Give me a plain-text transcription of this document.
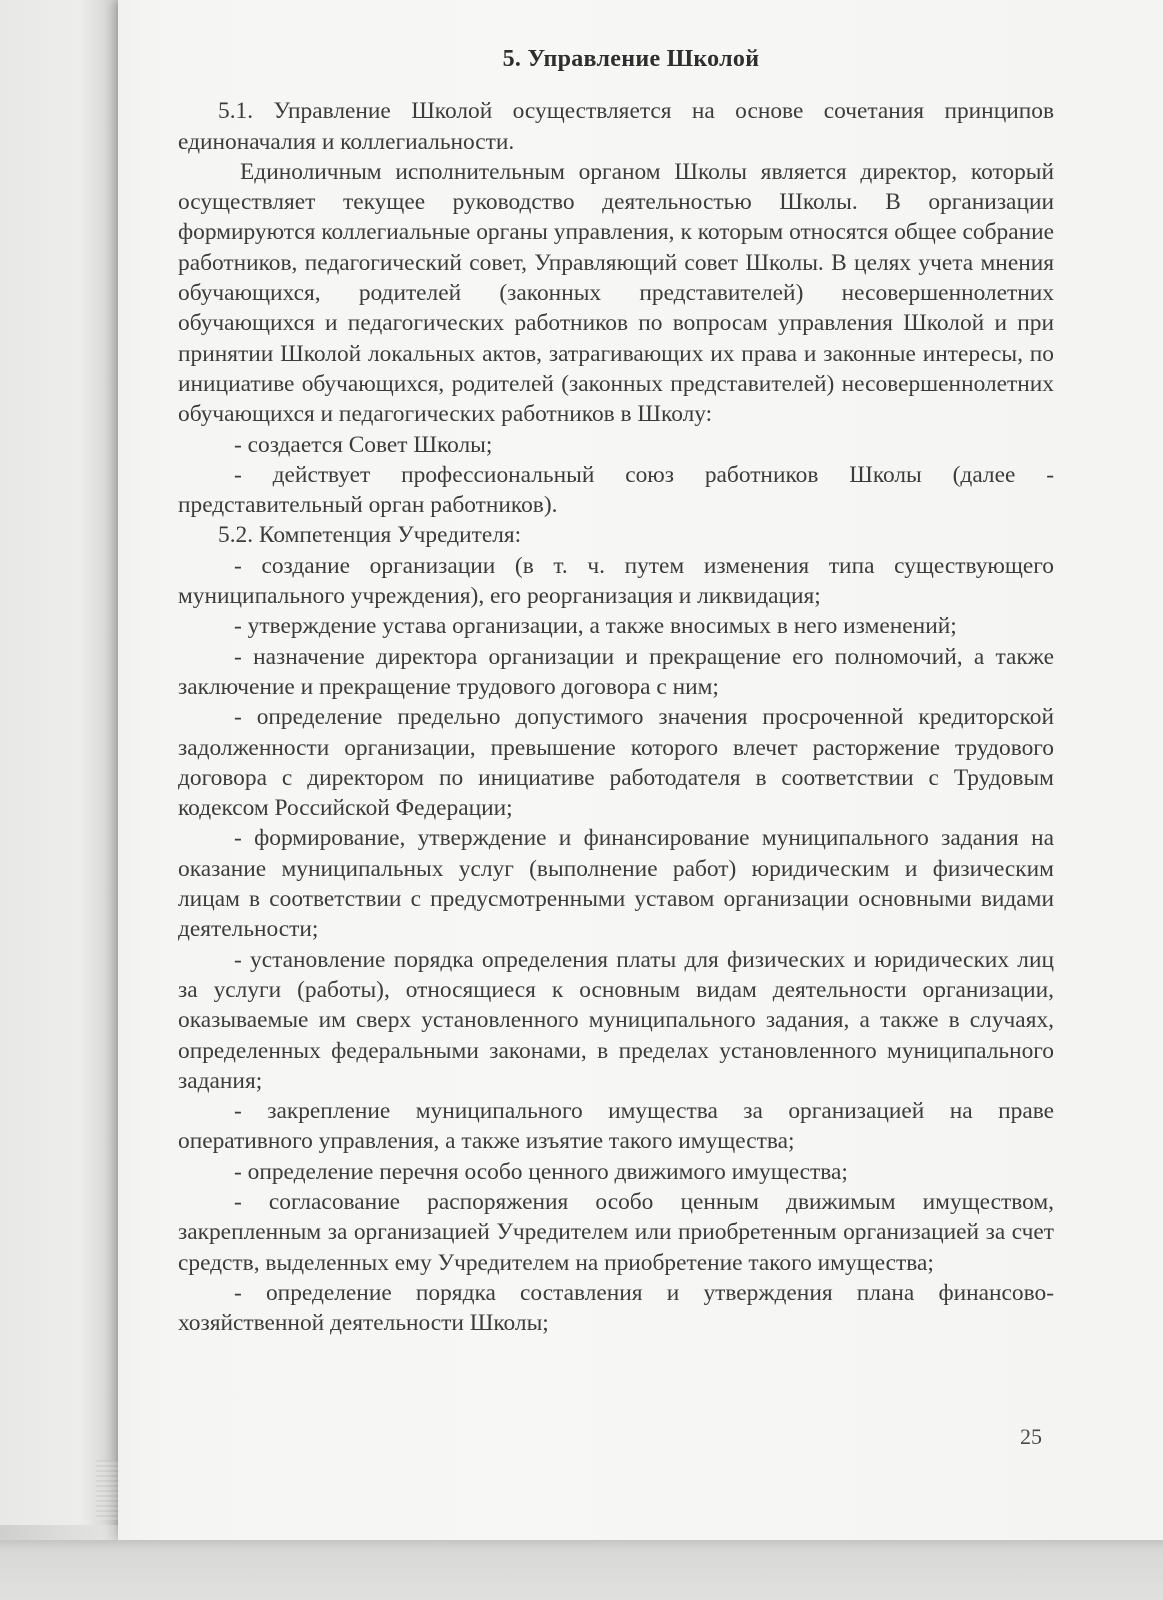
5. Управление Школой

5.1. Управление Школой осуществляется на основе сочетания принципов единоначалия и коллегиальности.

Единоличным исполнительным органом Школы является директор, который осуществляет текущее руководство деятельностью Школы. В организации формируются коллегиальные органы управления, к которым относятся общее собрание работников, педагогический совет, Управляющий совет Школы. В целях учета мнения обучающихся, родителей (законных представителей) несовершеннолетних обучающихся и педагогических работников по вопросам управления Школой и при принятии Школой локальных актов, затрагивающих их права и законные интересы, по инициативе обучающихся, родителей (законных представителей) несовершеннолетних обучающихся и педагогических работников в Школу:

- создается Совет Школы;

- действует профессиональный союз работников Школы (далее - представительный орган работников).

5.2. Компетенция Учредителя:

- создание организации (в т. ч. путем изменения типа существующего муниципального учреждения), его реорганизация и ликвидация;

- утверждение устава организации, а также вносимых в него изменений;

- назначение директора организации и прекращение его полномочий, а также заключение и прекращение трудового договора с ним;

- определение предельно допустимого значения просроченной кредиторской задолженности организации, превышение которого влечет расторжение трудового договора с директором по инициативе работодателя в соответствии с Трудовым кодексом Российской Федерации;

- формирование, утверждение и финансирование муниципального задания на оказание муниципальных услуг (выполнение работ) юридическим и физическим лицам в соответствии с предусмотренными уставом организации основными видами деятельности;

- установление порядка определения платы для физических и юридических лиц за услуги (работы), относящиеся к основным видам деятельности организации, оказываемые им сверх установленного муниципального задания, а также в случаях, определенных федеральными законами, в пределах установленного муниципального задания;

- закрепление муниципального имущества за организацией на праве оперативного управления, а также изъятие такого имущества;

- определение перечня особо ценного движимого имущества;

- согласование распоряжения особо ценным движимым имуществом, закрепленным за организацией Учредителем или приобретенным организацией за счет средств, выделенных ему Учредителем на приобретение такого имущества;

- определение порядка составления и утверждения плана финансово-хозяйственной деятельности Школы;

25
